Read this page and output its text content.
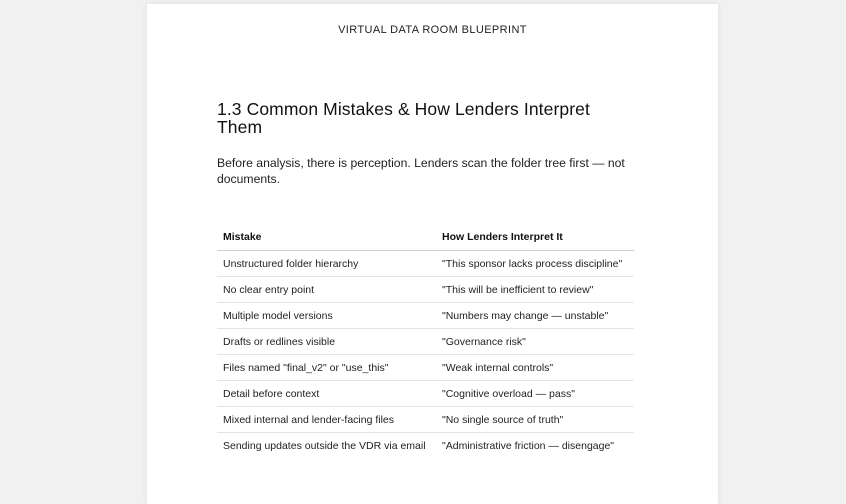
VIRTUAL DATA ROOM BLUEPRINT
1.3 Common Mistakes & How Lenders Interpret Them

Before analysis, there is perception. Lenders scan the folder tree first — not documents.

Mistake	How Lenders Interpret It
Unstructured folder hierarchy	"This sponsor lacks process discipline"
No clear entry point	"This will be inefficient to review"
Multiple model versions	"Numbers may change — unstable"
Drafts or redlines visible	"Governance risk"
Files named "final_v2" or "use_this"	"Weak internal controls"
Detail before context	"Cognitive overload — pass"
Mixed internal and lender-facing files	"No single source of truth"
Sending updates outside the VDR via email	"Administrative friction — disengage"
